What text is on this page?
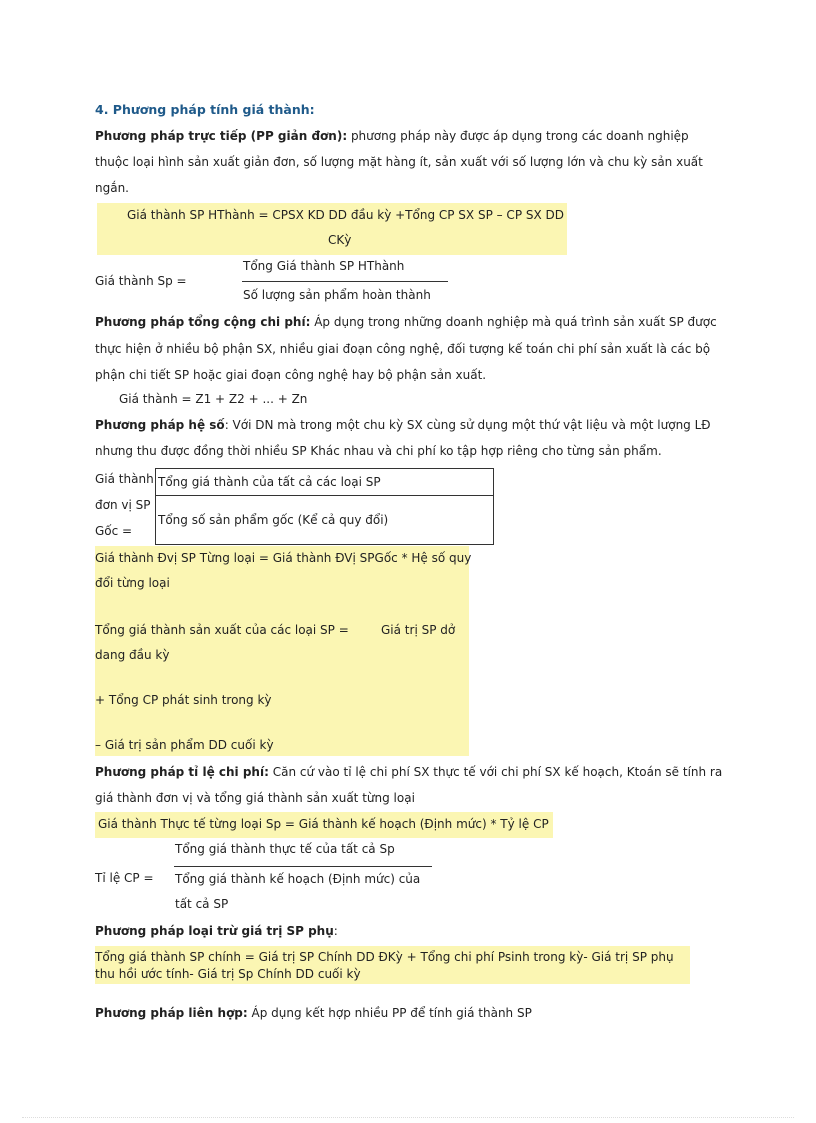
4. Phương pháp tính giá thành:
Phương pháp trực tiếp (PP giản đơn): phương pháp này được áp dụng trong các doanh nghiệp
thuộc loại hình sản xuất giản đơn, số lượng mặt hàng ít, sản xuất với số lượng lớn và chu kỳ sản xuất
ngắn.
Giá thành SP HThành = CPSX KD DD đầu kỳ +Tổng CP SX SP – CP SX DD
CKỳ
Giá thành Sp =
Tổng Giá thành SP HThành
Số lượng sản phẩm hoàn thành
Phương pháp tổng cộng chi phí: Áp dụng trong những doanh nghiệp mà quá trình sản xuất SP được
thực hiện ở nhiều bộ phận SX, nhiều giai đoạn công nghệ, đối tượng kế toán chi phí sản xuất là các bộ
phận chi tiết SP hoặc giai đoạn công nghệ hay bộ phận sản xuất.
Giá thành = Z1 + Z2 + ... + Zn
Phương pháp hệ số: Với DN mà trong một chu kỳ SX cùng sử dụng một thứ vật liệu và một lượng LĐ
nhưng thu được đồng thời nhiều SP Khác nhau và chi phí ko tập hợp riêng cho từng sản phẩm.
Giá thành
đơn vị SP
Gốc =
Tổng giá thành của tất cả các loại SP
Tổng số sản phẩm gốc (Kể cả quy đổi)
Giá thành Đvị SP Từng loại = Giá thành ĐVị SPGốc * Hệ số quy
đổi từng loại
Tổng giá thành sản xuất của các loại SP =	Giá trị SP dở
dang đầu kỳ
+ Tổng CP phát sinh trong kỳ
– Giá trị sản phẩm DD cuối kỳ
Phương pháp tỉ lệ chi phí: Căn cứ vào tỉ lệ chi phí SX thực tế với chi phí SX kế hoạch, Ktoán sẽ tính ra
giá thành đơn vị và tổng giá thành sản xuất từng loại
Giá thành Thực tế từng loại Sp = Giá thành kế hoạch (Định mức) * Tỷ lệ CP
Tỉ lệ CP =
Tổng giá thành thực tế của tất cả Sp
Tổng giá thành kế hoạch (Định mức) của
tất cả SP
Phương pháp loại trừ giá trị SP phụ:
Tổng giá thành SP chính = Giá trị SP Chính DD ĐKỳ + Tổng chi phí Psinh trong kỳ- Giá trị SP phụ
thu hồi ước tính- Giá trị Sp Chính DD cuối kỳ
Phương pháp liên hợp: Áp dụng kết hợp nhiều PP để tính giá thành SP
